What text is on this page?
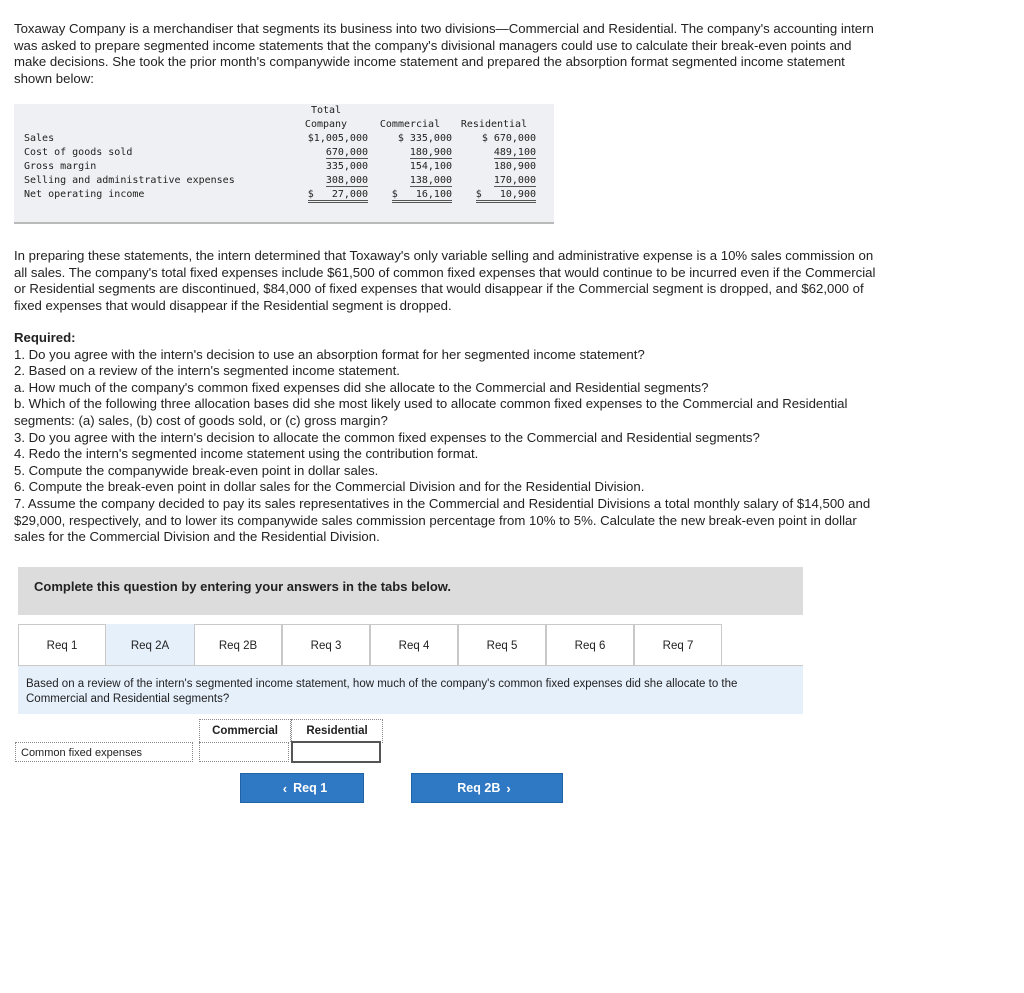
Toxaway Company is a merchandiser that segments its business into two divisions—Commercial and Residential. The company's accounting intern was asked to prepare segmented income statements that the company's divisional managers could use to calculate their break-even points and make decisions. She took the prior month's companywide income statement and prepared the absorption format segmented income statement shown below:
	Total		
	Company	Commercial	Residential
Sales	$1,005,000	$ 335,000	$ 670,000
Cost of goods sold	670,000	180,900	489,100
Gross margin	335,000	154,100	180,900
Selling and administrative expenses	308,000	138,000	170,000
Net operating income	$ 27,000	$ 16,100	$ 10,900
In preparing these statements, the intern determined that Toxaway's only variable selling and administrative expense is a 10% sales commission on all sales. The company's total fixed expenses include $61,500 of common fixed expenses that would continue to be incurred even if the Commercial or Residential segments are discontinued, $84,000 of fixed expenses that would disappear if the Commercial segment is dropped, and $62,000 of fixed expenses that would disappear if the Residential segment is dropped.

Required:

1. Do you agree with the intern's decision to use an absorption format for her segmented income statement?

2. Based on a review of the intern's segmented income statement.

a. How much of the company's common fixed expenses did she allocate to the Commercial and Residential segments?

b. Which of the following three allocation bases did she most likely used to allocate common fixed expenses to the Commercial and Residential segments: (a) sales, (b) cost of goods sold, or (c) gross margin?

3. Do you agree with the intern's decision to allocate the common fixed expenses to the Commercial and Residential segments?

4. Redo the intern's segmented income statement using the contribution format.

5. Compute the companywide break-even point in dollar sales.

6. Compute the break-even point in dollar sales for the Commercial Division and for the Residential Division.

7. Assume the company decided to pay its sales representatives in the Commercial and Residential Divisions a total monthly salary of $14,500 and $29,000, respectively, and to lower its companywide sales commission percentage from 10% to 5%. Calculate the new break-even point in dollar sales for the Commercial Division and the Residential Division.

Complete this question by entering your answers in the tabs below.
Req 1	Req 2A	Req 2B	Req 3	Req 4	Req 5	Req 6	Req 7
Based on a review of the intern's segmented income statement, how much of the company's common fixed expenses did she allocate to the Commercial and Residential segments?
Commercial	Residential
Common fixed expenses
‹ Req 1	Req 2B ›
